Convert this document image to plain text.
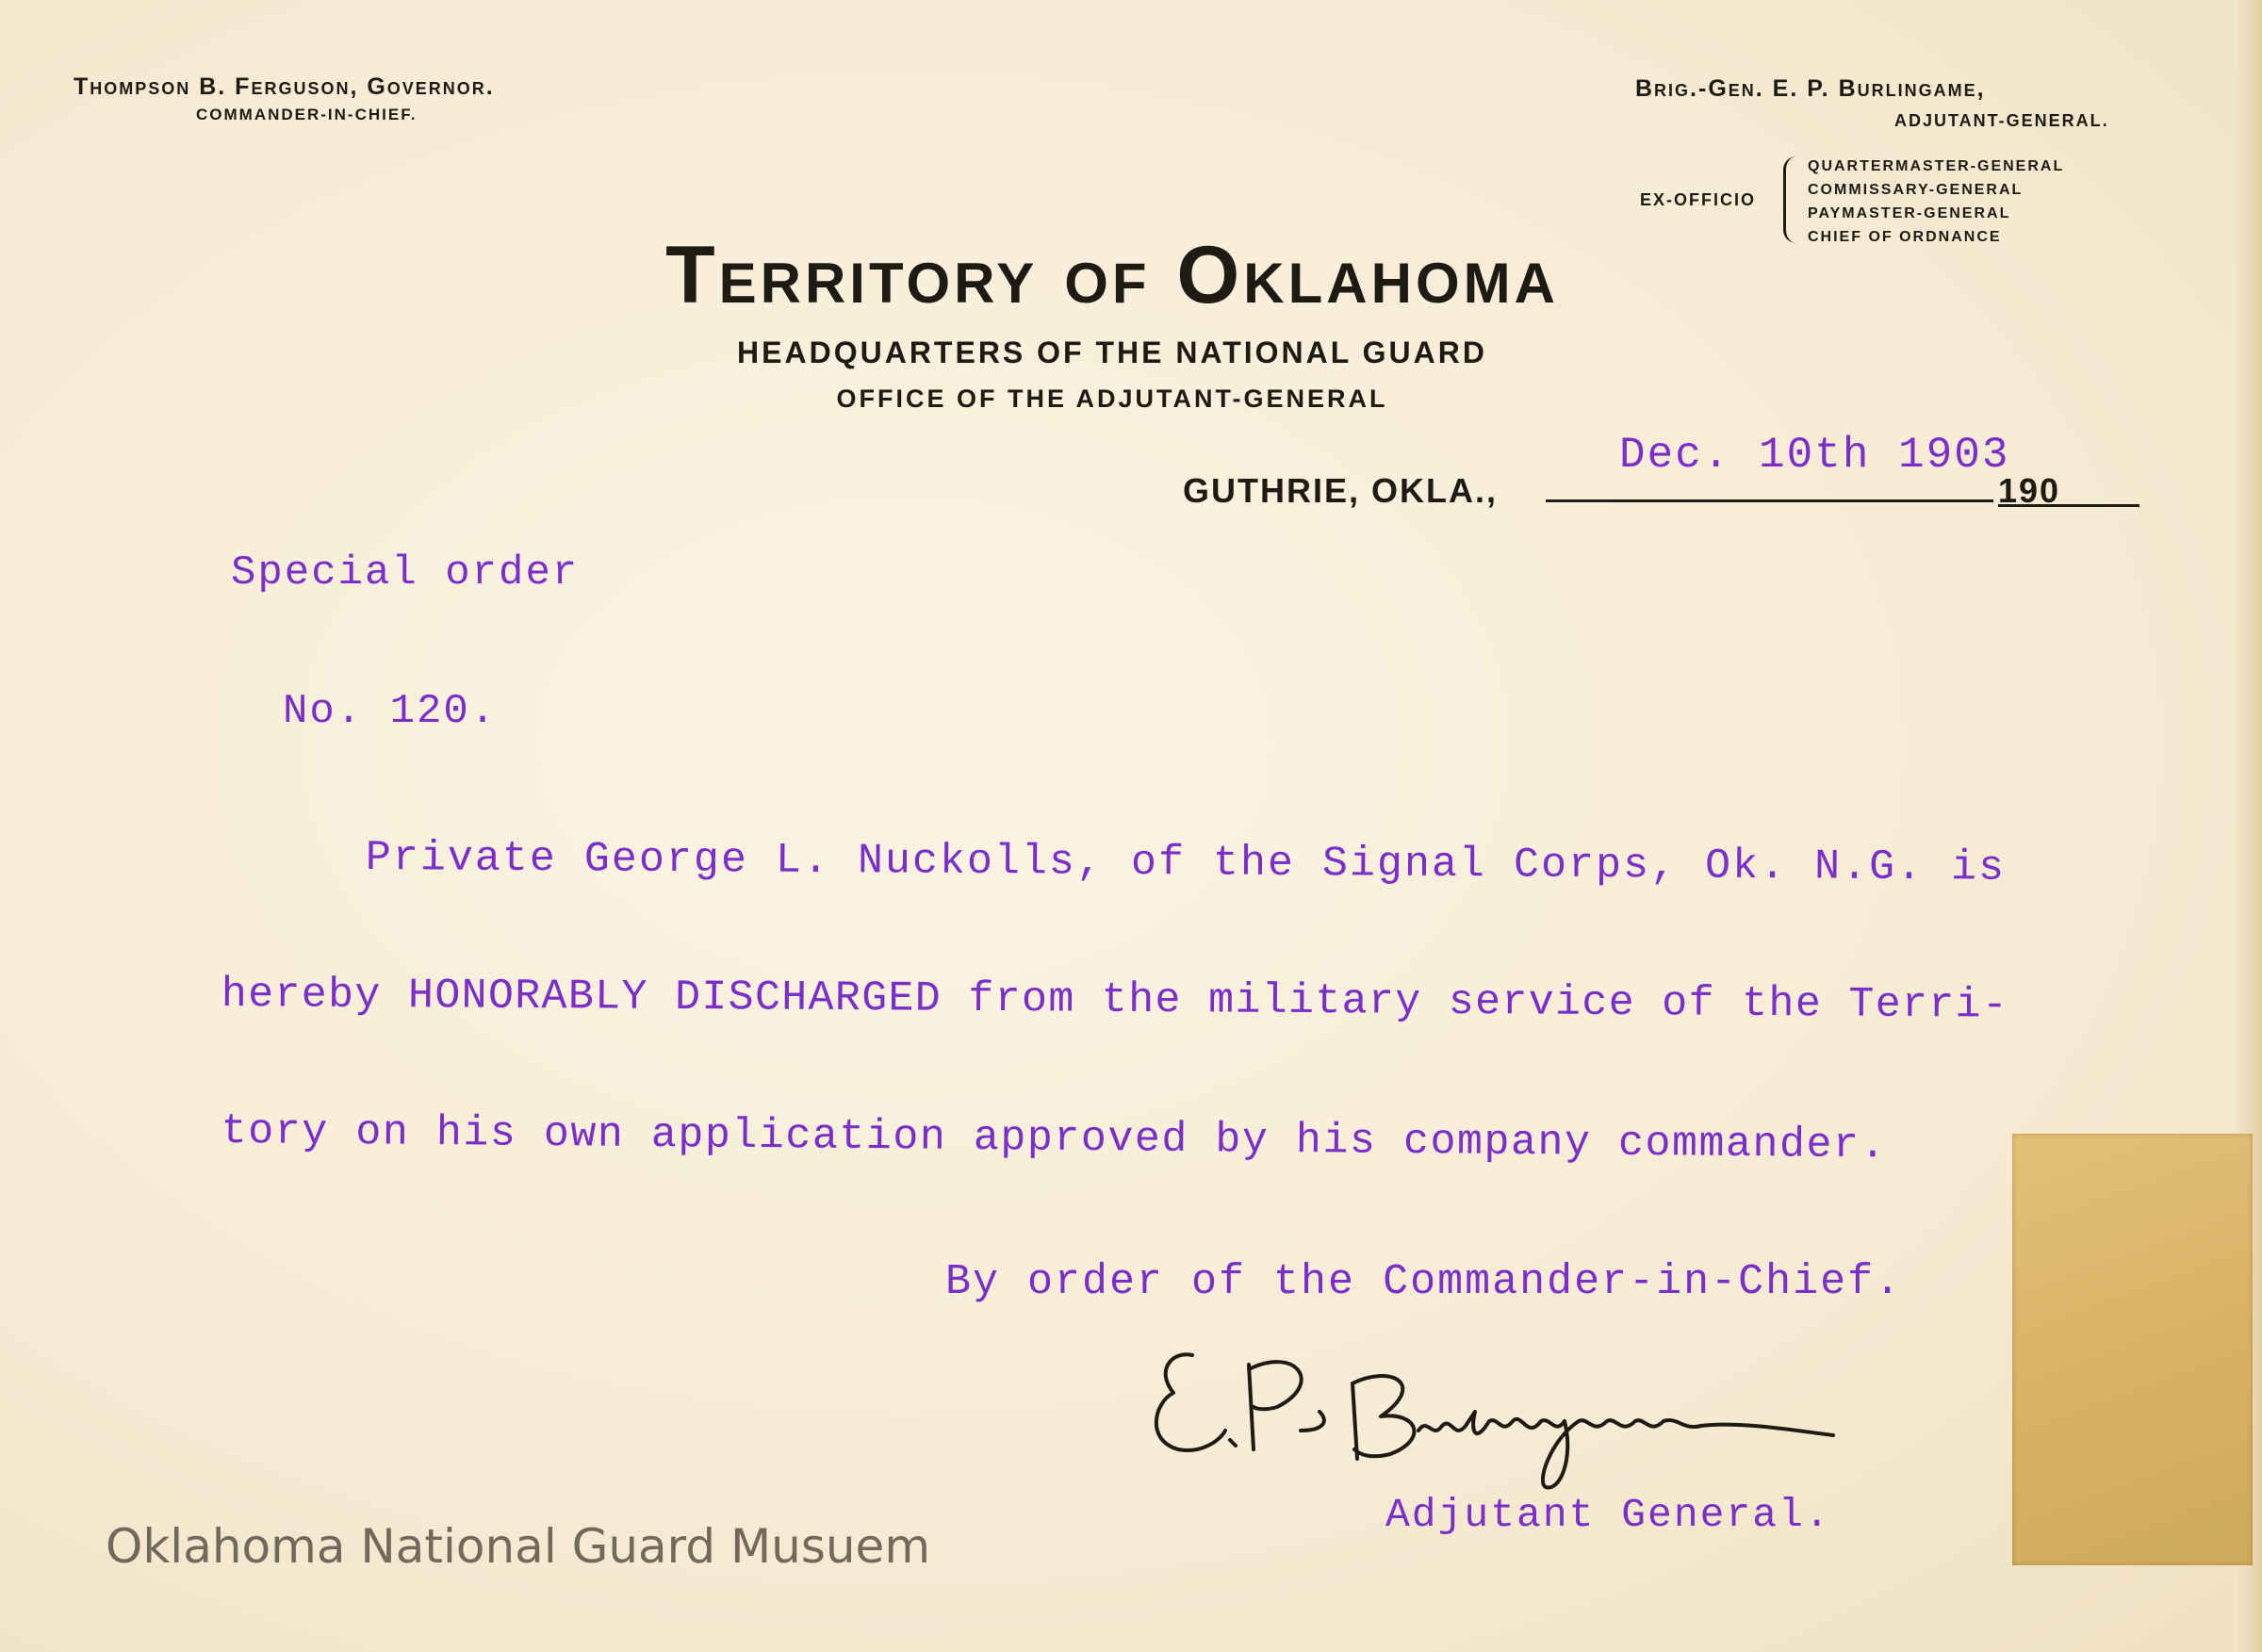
Thompson B. Ferguson, Governor.
COMMANDER-IN-CHIEF.
Brig.-Gen. E. P. Burlingame,
ADJUTANT-GENERAL.
EX-OFFICIO
QUARTERMASTER-GENERAL
COMMISSARY-GENERAL
PAYMASTER-GENERAL
CHIEF OF ORDNANCE
Territory of Oklahoma
HEADQUARTERS OF THE NATIONAL GUARD
OFFICE OF THE ADJUTANT-GENERAL
Dec. 10th 1903
GUTHRIE, OKLA.,	190
Special order
No. 120.
Private George L. Nuckolls, of the Signal Corps, Ok. N.G. is
hereby HONORABLY DISCHARGED from the military service of the Terri-
tory on his own application approved by his company commander.
By order of the Commander-in-Chief.
Adjutant General.
Oklahoma National Guard Musuem
